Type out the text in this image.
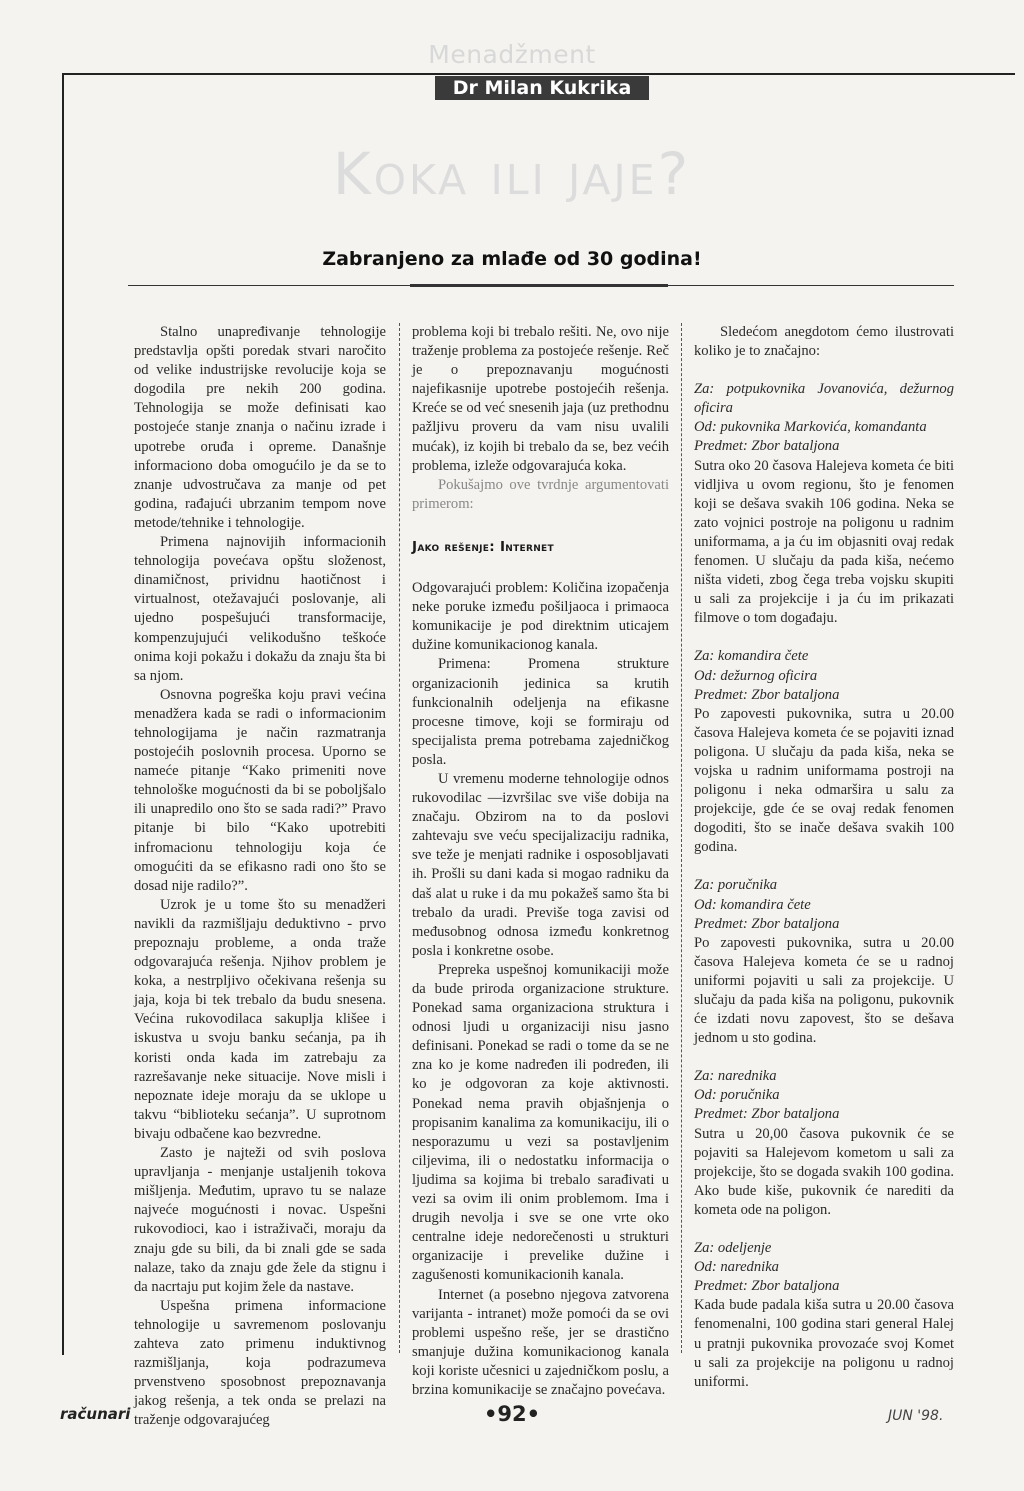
Menadžment
Dr Milan Kukrika
Koka ili jaje?
Zabranjeno za mlađe od 30 godina!

Stalno unapređivanje tehnologije predstavlja opšti poredak stvari naročito od velike industrijske revolucije koja se dogodila pre nekih 200 godina. Tehnologija se može definisati kao postojeće stanje znanja o načinu izrade i upotrebe oruđa i opreme. Današnje informaciono doba omogućilo je da se to znanje udvostručava za manje od pet godina, rađajući ubrzanim tempom nove metode/tehnike i tehnologije.

Primena najnovijih informacionih tehnologija povećava opštu složenost, dinamičnost, prividnu haotičnost i virtualnost, otežavajući poslovanje, ali ujedno pospešujući transformacije, kompenzujujući velikodušno teškoće onima koji pokažu i dokažu da znaju šta bi sa njom.

Osnovna pogreška koju pravi većina menadžera kada se radi o informacionim tehnologijama je način razmatranja postojećih poslovnih procesa. Uporno se nameće pitanje “Kako primeniti nove tehnološke mogućnosti da bi se poboljšalo ili unapredilo ono što se sada radi?” Pravo pitanje bi bilo “Kako upotrebiti infromacionu tehnologiju koja će omogućiti da se efikasno radi ono što se dosad nije radilo?”.

Uzrok je u tome što su menadžeri navikli da razmišljaju deduktivno - prvo prepoznaju probleme, a onda traže odgovarajuća rešenja. Njihov problem je koka, a nestrpljivo očekivana rešenja su jaja, koja bi tek trebalo da budu snesena. Većina rukovodilaca sakuplja klišee i iskustva u svoju banku sećanja, pa ih koristi onda kada im zatrebaju za razrešavanje neke situacije. Nove misli i nepoznate ideje moraju da se uklope u takvu “biblioteku sećanja”. U suprotnom bivaju odbačene kao bezvredne.

Zasto je najteži od svih poslova upravljanja - menjanje ustaljenih tokova mišljenja. Međutim, upravo tu se nalaze najveće mogućnosti i novac. Uspešni rukovodioci, kao i istraživači, moraju da znaju gde su bili, da bi znali gde se sada nalaze, tako da znaju gde žele da stignu i da nacrtaju put kojim žele da nastave.

Uspešna primena informacione tehnologije u savremenom poslovanju zahteva zato primenu induktivnog razmišljanja, koja podrazumeva prvenstveno sposobnost prepoznavanja jakog rešenja, a tek onda se prelazi na traženje odgovarajućeg

problema koji bi trebalo rešiti. Ne, ovo nije traženje problema za postojeće rešenje. Reč je o prepoznavanju mogućnosti najefikasnije upotrebe postojećih rešenja. Kreće se od već snesenih jaja (uz prethodnu pažljivu proveru da vam nisu uvalili mućak), iz kojih bi trebalo da se, bez većih problema, izleže odgovarajuća koka.

Pokušajmo ove tvrdnje argumentovati primerom:

Jako rešenje: Internet

Odgovarajući problem: Količina izopačenja neke poruke između pošiljaoca i primaoca komunikacije je pod direktnim uticajem dužine komunikacionog kanala.

Primena: Promena strukture organizacionih jedinica sa krutih funkcionalnih odeljenja na efikasne procesne timove, koji se formiraju od specijalista prema potrebama zajedničkog posla.

U vremenu moderne tehnologije odnos rukovodilac —izvršilac sve više dobija na značaju. Obzirom na to da poslovi zahtevaju sve veću specijalizaciju radnika, sve teže je menjati radnike i osposobljavati ih. Prošli su dani kada si mogao radniku da daš alat u ruke i da mu pokažeš samo šta bi trebalo da uradi. Previše toga zavisi od međusobnog odnosa između konkretnog posla i konkretne osobe.

Prepreka uspešnoj komunikaciji može da bude priroda organizacione strukture. Ponekad sama organizaciona struktura i odnosi ljudi u organizaciji nisu jasno definisani. Ponekad se radi o tome da se ne zna ko je kome nadređen ili podređen, ili ko je odgovoran za koje aktivnosti. Ponekad nema pravih objašnjenja o propisanim kanalima za komunikaciju, ili o nesporazumu u vezi sa postavljenim ciljevima, ili o nedostatku informacija o ljudima sa kojima bi trebalo sarađivati u vezi sa ovim ili onim problemom. Ima i drugih nevolja i sve se one vrte oko centralne ideje nedorečenosti u strukturi organizacije i prevelike dužine i zagušenosti komunikacionih kanala.

Internet (a posebno njegova zatvorena varijanta - intranet) može pomoći da se ovi problemi uspešno reše, jer se drastično smanjuje dužina komunikacionog kanala koji koriste učesnici u zajedničkom poslu, a brzina komunikacije se značajno povećava.

Sledećom anegdotom ćemo ilustrovati koliko je to značajno:

Za: potpukovnika Jovanovića, dežurnog oficira

Od: pukovnika Markovića, komandanta

Predmet: Zbor bataljona

Sutra oko 20 časova Halejeva kometa će biti vidljiva u ovom regionu, što je fenomen koji se dešava svakih 106 godina. Neka se zato vojnici postroje na poligonu u radnim uniformama, a ja ću im objasniti ovaj redak fenomen. U slučaju da pada kiša, nećemo ništa videti, zbog čega treba vojsku skupiti u sali za projekcije i ja ću im prikazati filmove o tom događaju.

Za: komandira čete

Od: dežurnog oficira

Predmet: Zbor bataljona

Po zapovesti pukovnika, sutra u 20.00 časova Halejeva kometa će se pojaviti iznad poligona. U slučaju da pada kiša, neka se vojska u radnim uniformama postroji na poligonu i neka odmaršira u salu za projekcije, gde će se ovaj redak fenomen dogoditi, što se inače dešava svakih 100 godina.

Za: poručnika

Od: komandira čete

Predmet: Zbor bataljona

Po zapovesti pukovnika, sutra u 20.00 časova Halejeva kometa će se u radnoj uniformi pojaviti u sali za projekcije. U slučaju da pada kiša na poligonu, pukovnik će izdati novu zapovest, što se dešava jednom u sto godina.

Za: narednika

Od: poručnika

Predmet: Zbor bataljona

Sutra u 20,00 časova pukovnik će se pojaviti sa Halejevom kometom u sali za projekcije, što se dogada svakih 100 godina. Ako bude kiše, pukovnik će narediti da kometa ode na poligon.

Za: odeljenje

Od: narednika

Predmet: Zbor bataljona

Kada bude padala kiša sutra u 20.00 časova fenomenalni, 100 godina stari general Halej u pratnji pukovnika provozaće svoj Komet u sali za projekcije na poligonu u radnoj uniformi.

računari	•92•	JUN '98.
